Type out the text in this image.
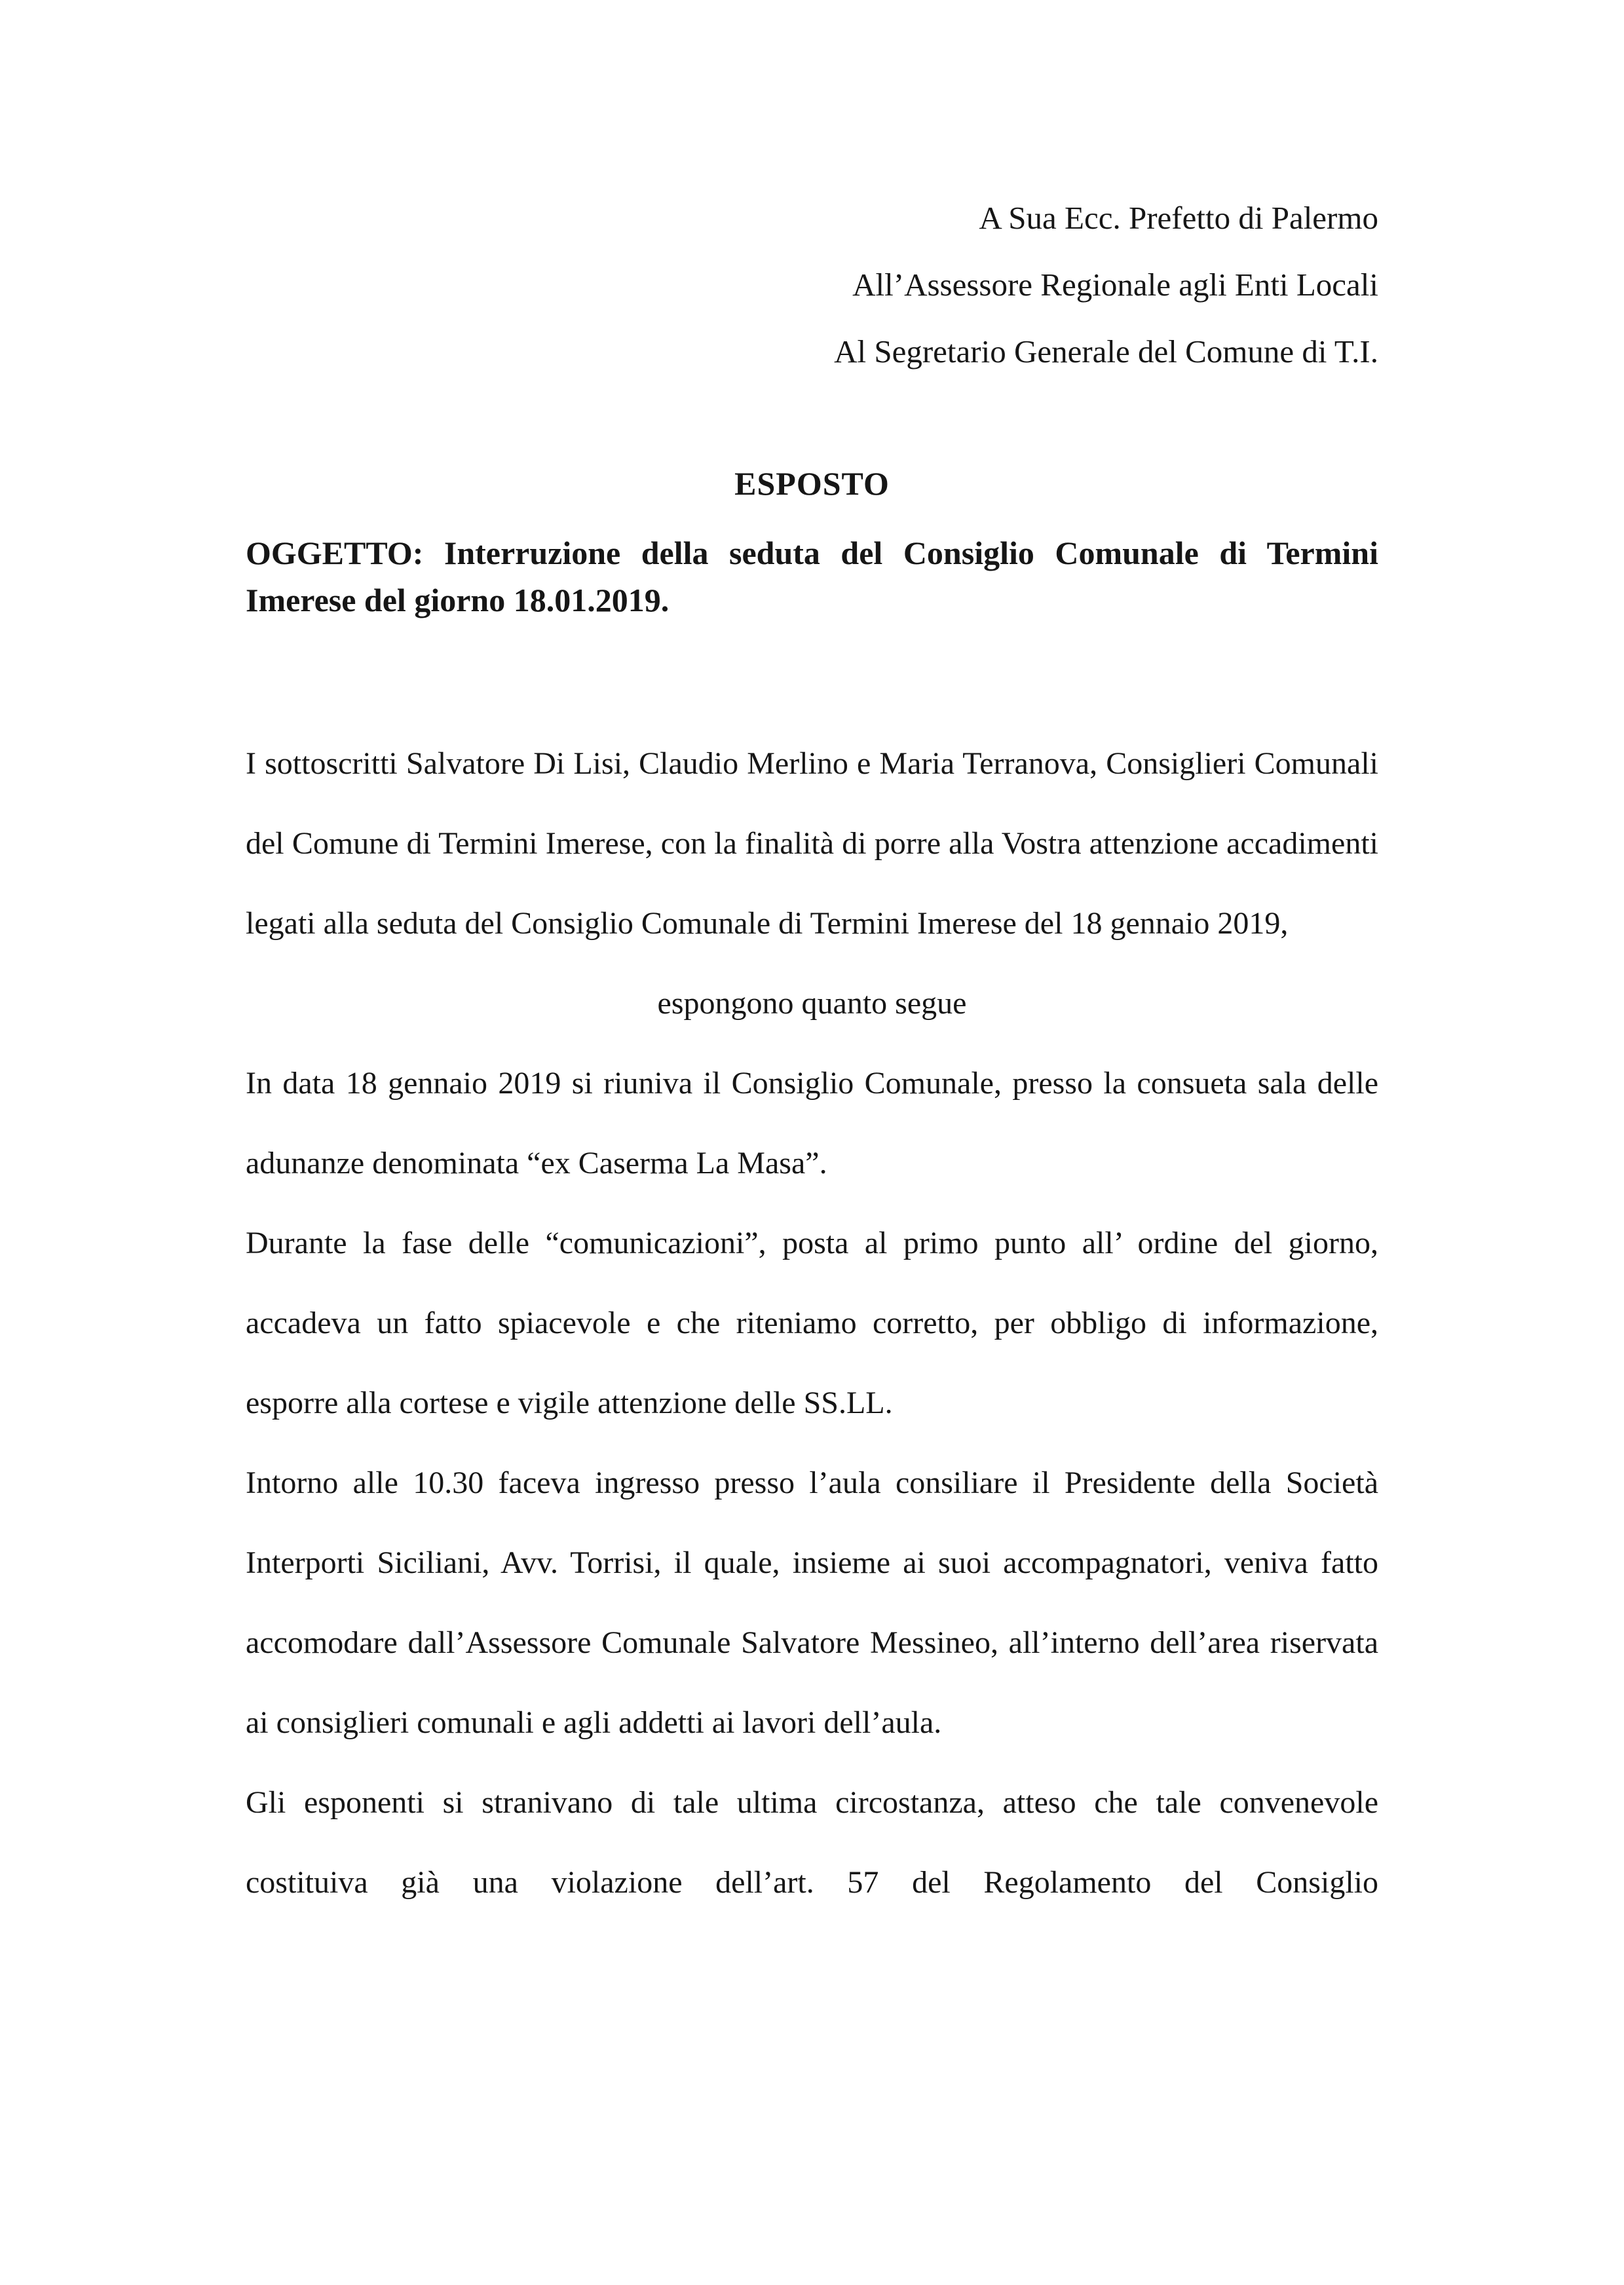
A Sua Ecc. Prefetto di Palermo
All’Assessore Regionale agli Enti Locali
Al Segretario Generale del Comune di T.I.
ESPOSTO
OGGETTO: Interruzione della seduta del Consiglio Comunale di Termini Imerese del giorno 18.01.2019.

I sottoscritti Salvatore Di Lisi, Claudio Merlino e Maria Terranova, Consiglieri Comunali del Comune di Termini Imerese, con la finalità di porre alla Vostra attenzione accadimenti legati alla seduta del Consiglio Comunale di Termini Imerese del 18 gennaio 2019,

espongono quanto segue

In data 18 gennaio 2019 si riuniva il Consiglio Comunale, presso la consueta sala delle adunanze denominata “ex Caserma La Masa”.

Durante la fase delle “comunicazioni”, posta al primo punto all’ ordine del giorno, accadeva un fatto spiacevole e che riteniamo corretto, per obbligo di informazione, esporre alla cortese e vigile attenzione delle SS.LL.

Intorno alle 10.30 faceva ingresso presso l’aula consiliare il Presidente della Società Interporti Siciliani, Avv. Torrisi, il quale, insieme ai suoi accompagnatori, veniva fatto accomodare dall’Assessore Comunale Salvatore Messineo, all’interno dell’area riservata ai consiglieri comunali e agli addetti ai lavori dell’aula.

Gli esponenti si stranivano di tale ultima circostanza, atteso che tale convenevole costituiva già una violazione dell’art. 57 del Regolamento del Consiglio
